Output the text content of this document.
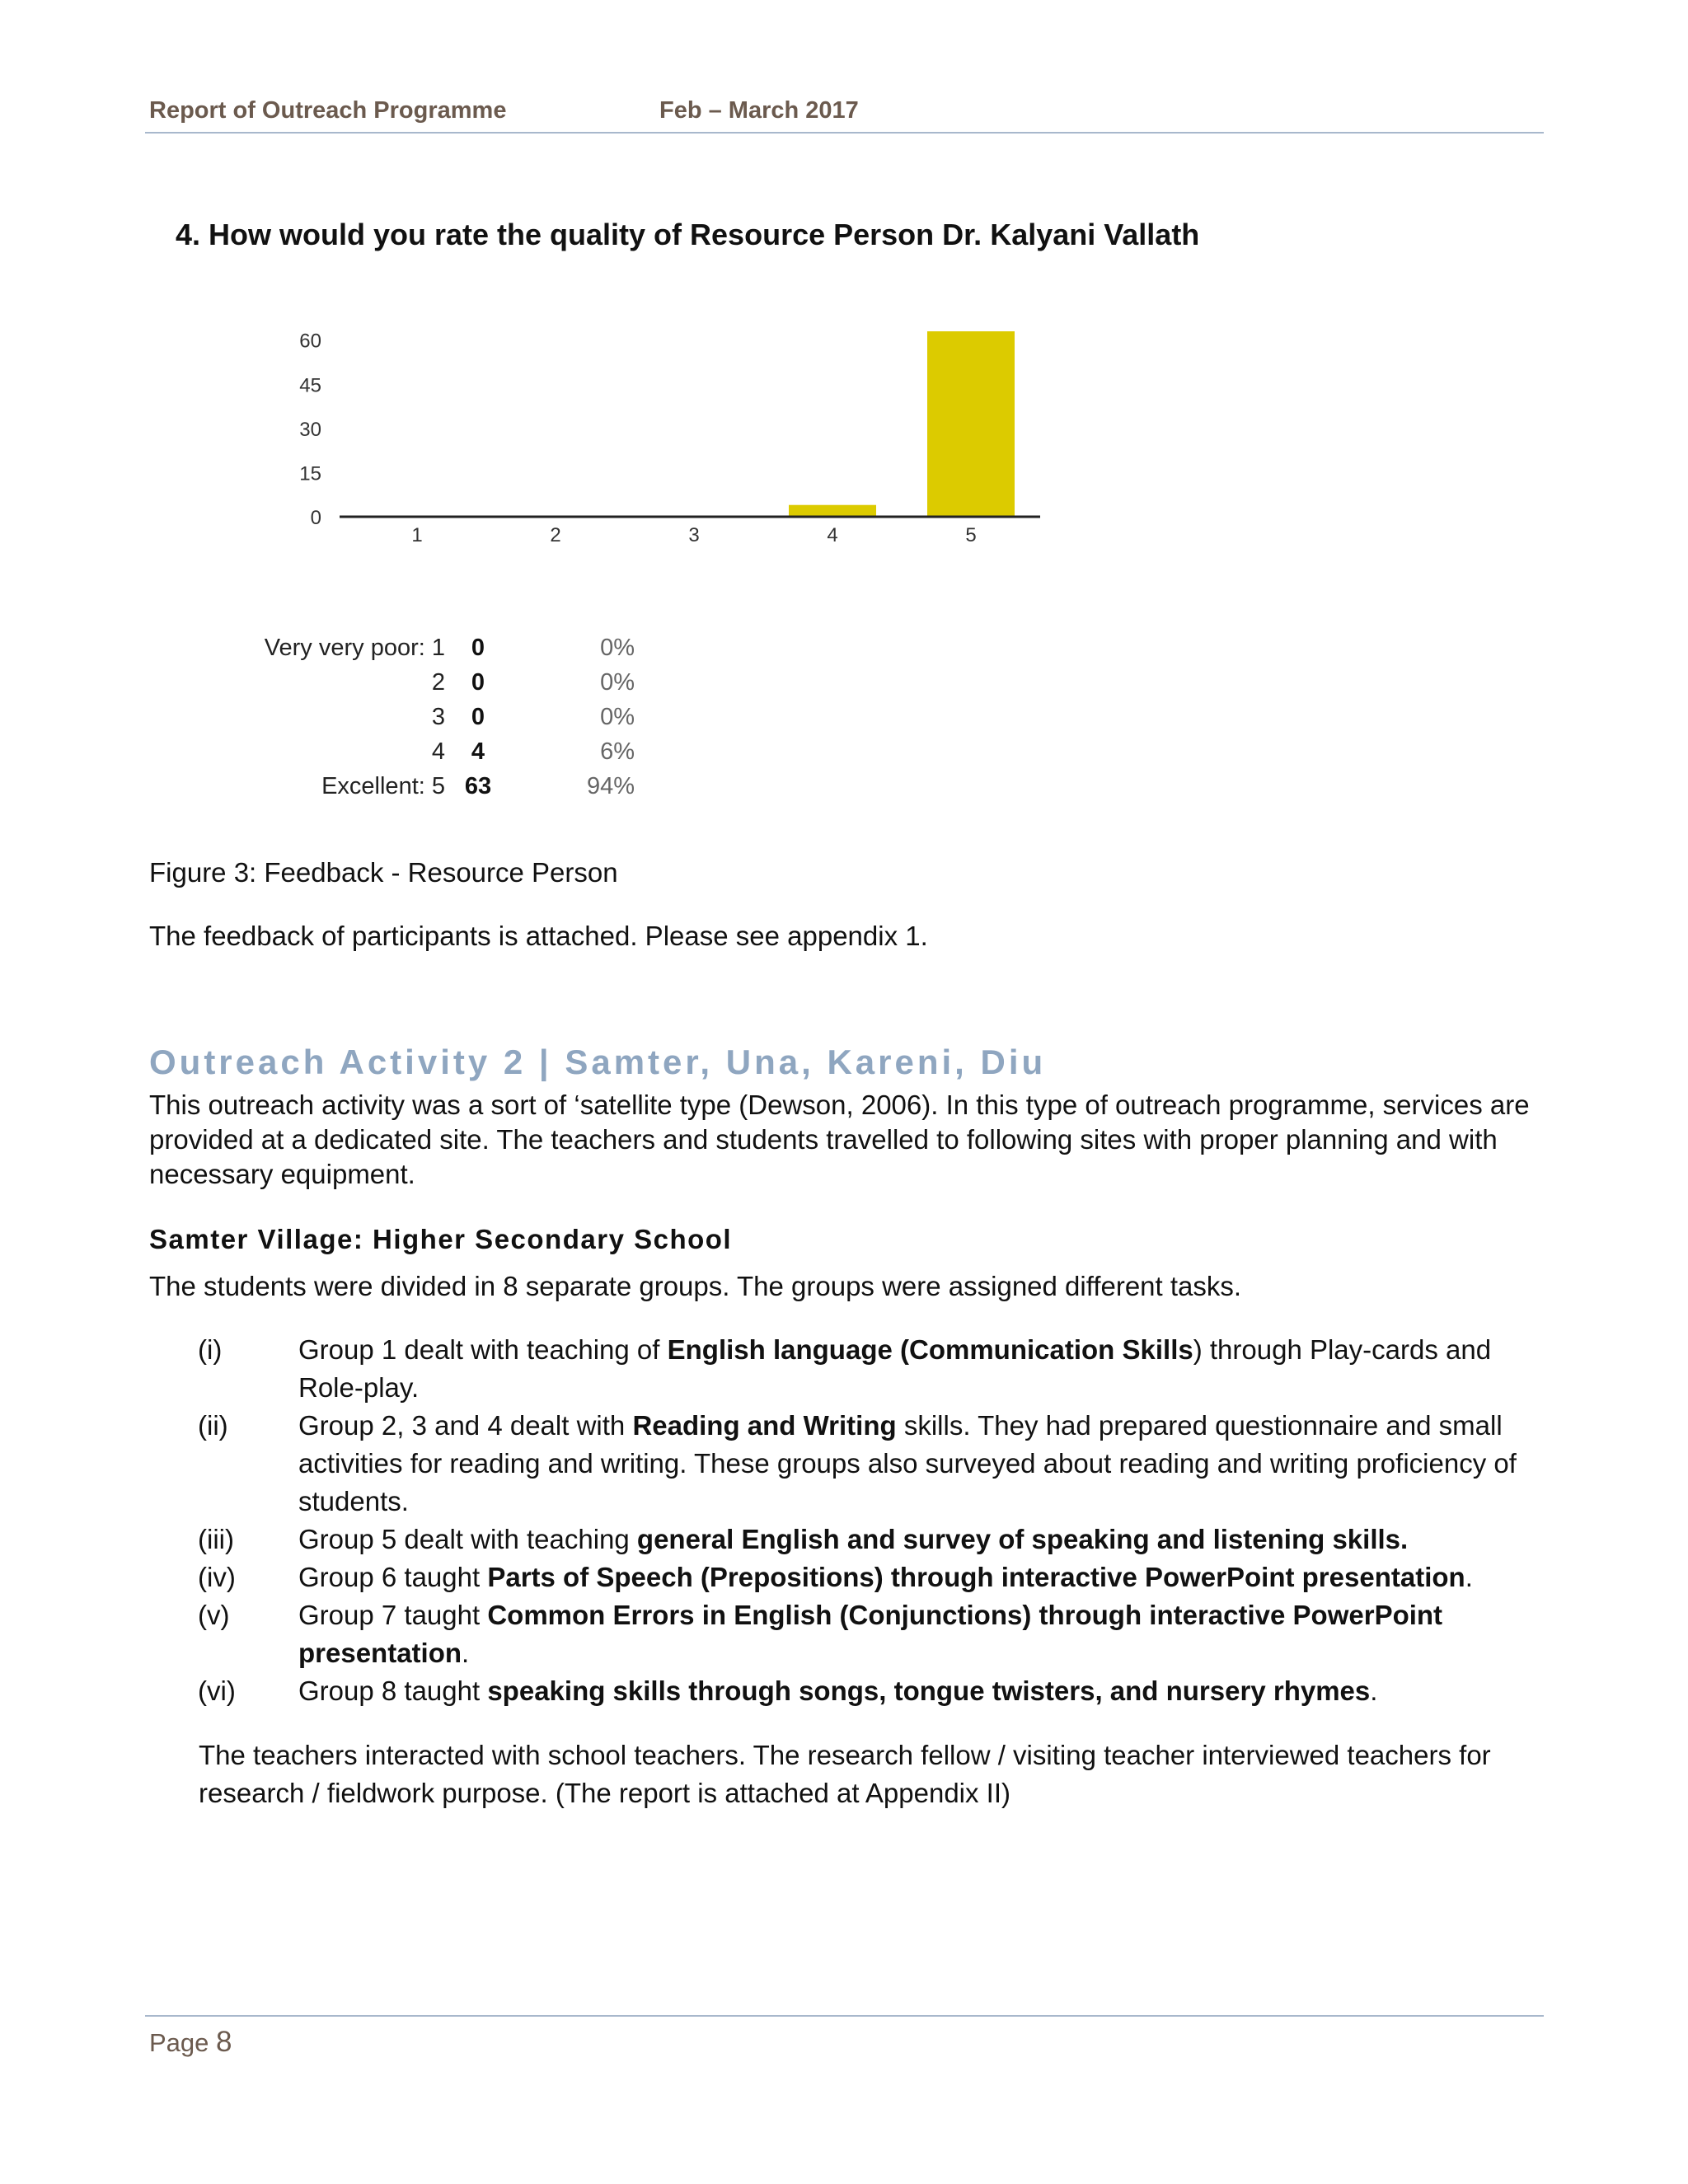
Report of Outreach Programme	Feb – March 2017
4. How would you rate the quality of Resource Person Dr. Kalyani Vallath
0
15
30
45
60
1	2	3	4	5
Very very poor: 1	0	0%
2	0	0%
3	0	0%
4	4	6%
Excellent: 5 63	94%
Figure 3: Feedback - Resource Person
The feedback of participants is attached. Please see appendix 1.
Outreach Activity 2 | Samter, Una, Kareni, Diu
This outreach activity was a sort of ‘satellite type (Dewson, 2006). In this type of outreach programme, services are provided at a dedicated site. The teachers and students travelled to following sites with proper planning and with necessary equipment.
Samter Village: Higher Secondary School
The students were divided in 8 separate groups. The groups were assigned different tasks.
(i)	Group 1 dealt with teaching of English language (Communication Skills) through Play-cards and Role-play.
(ii)	Group 2, 3 and 4 dealt with Reading and Writing skills. They had prepared questionnaire and small activities for reading and writing. These groups also surveyed about reading and writing proficiency of students.
(iii) Group 5 dealt with teaching general English and survey of speaking and listening skills.
(iv) Group 6 taught Parts of Speech (Prepositions) through interactive PowerPoint presentation.
(v)	Group 7 taught Common Errors in English (Conjunctions) through interactive PowerPoint presentation.
(vi) Group 8 taught speaking skills through songs, tongue twisters, and nursery rhymes.
The teachers interacted with school teachers. The research fellow / visiting teacher interviewed teachers for research / fieldwork purpose. (The report is attached at Appendix II)
Page 8
